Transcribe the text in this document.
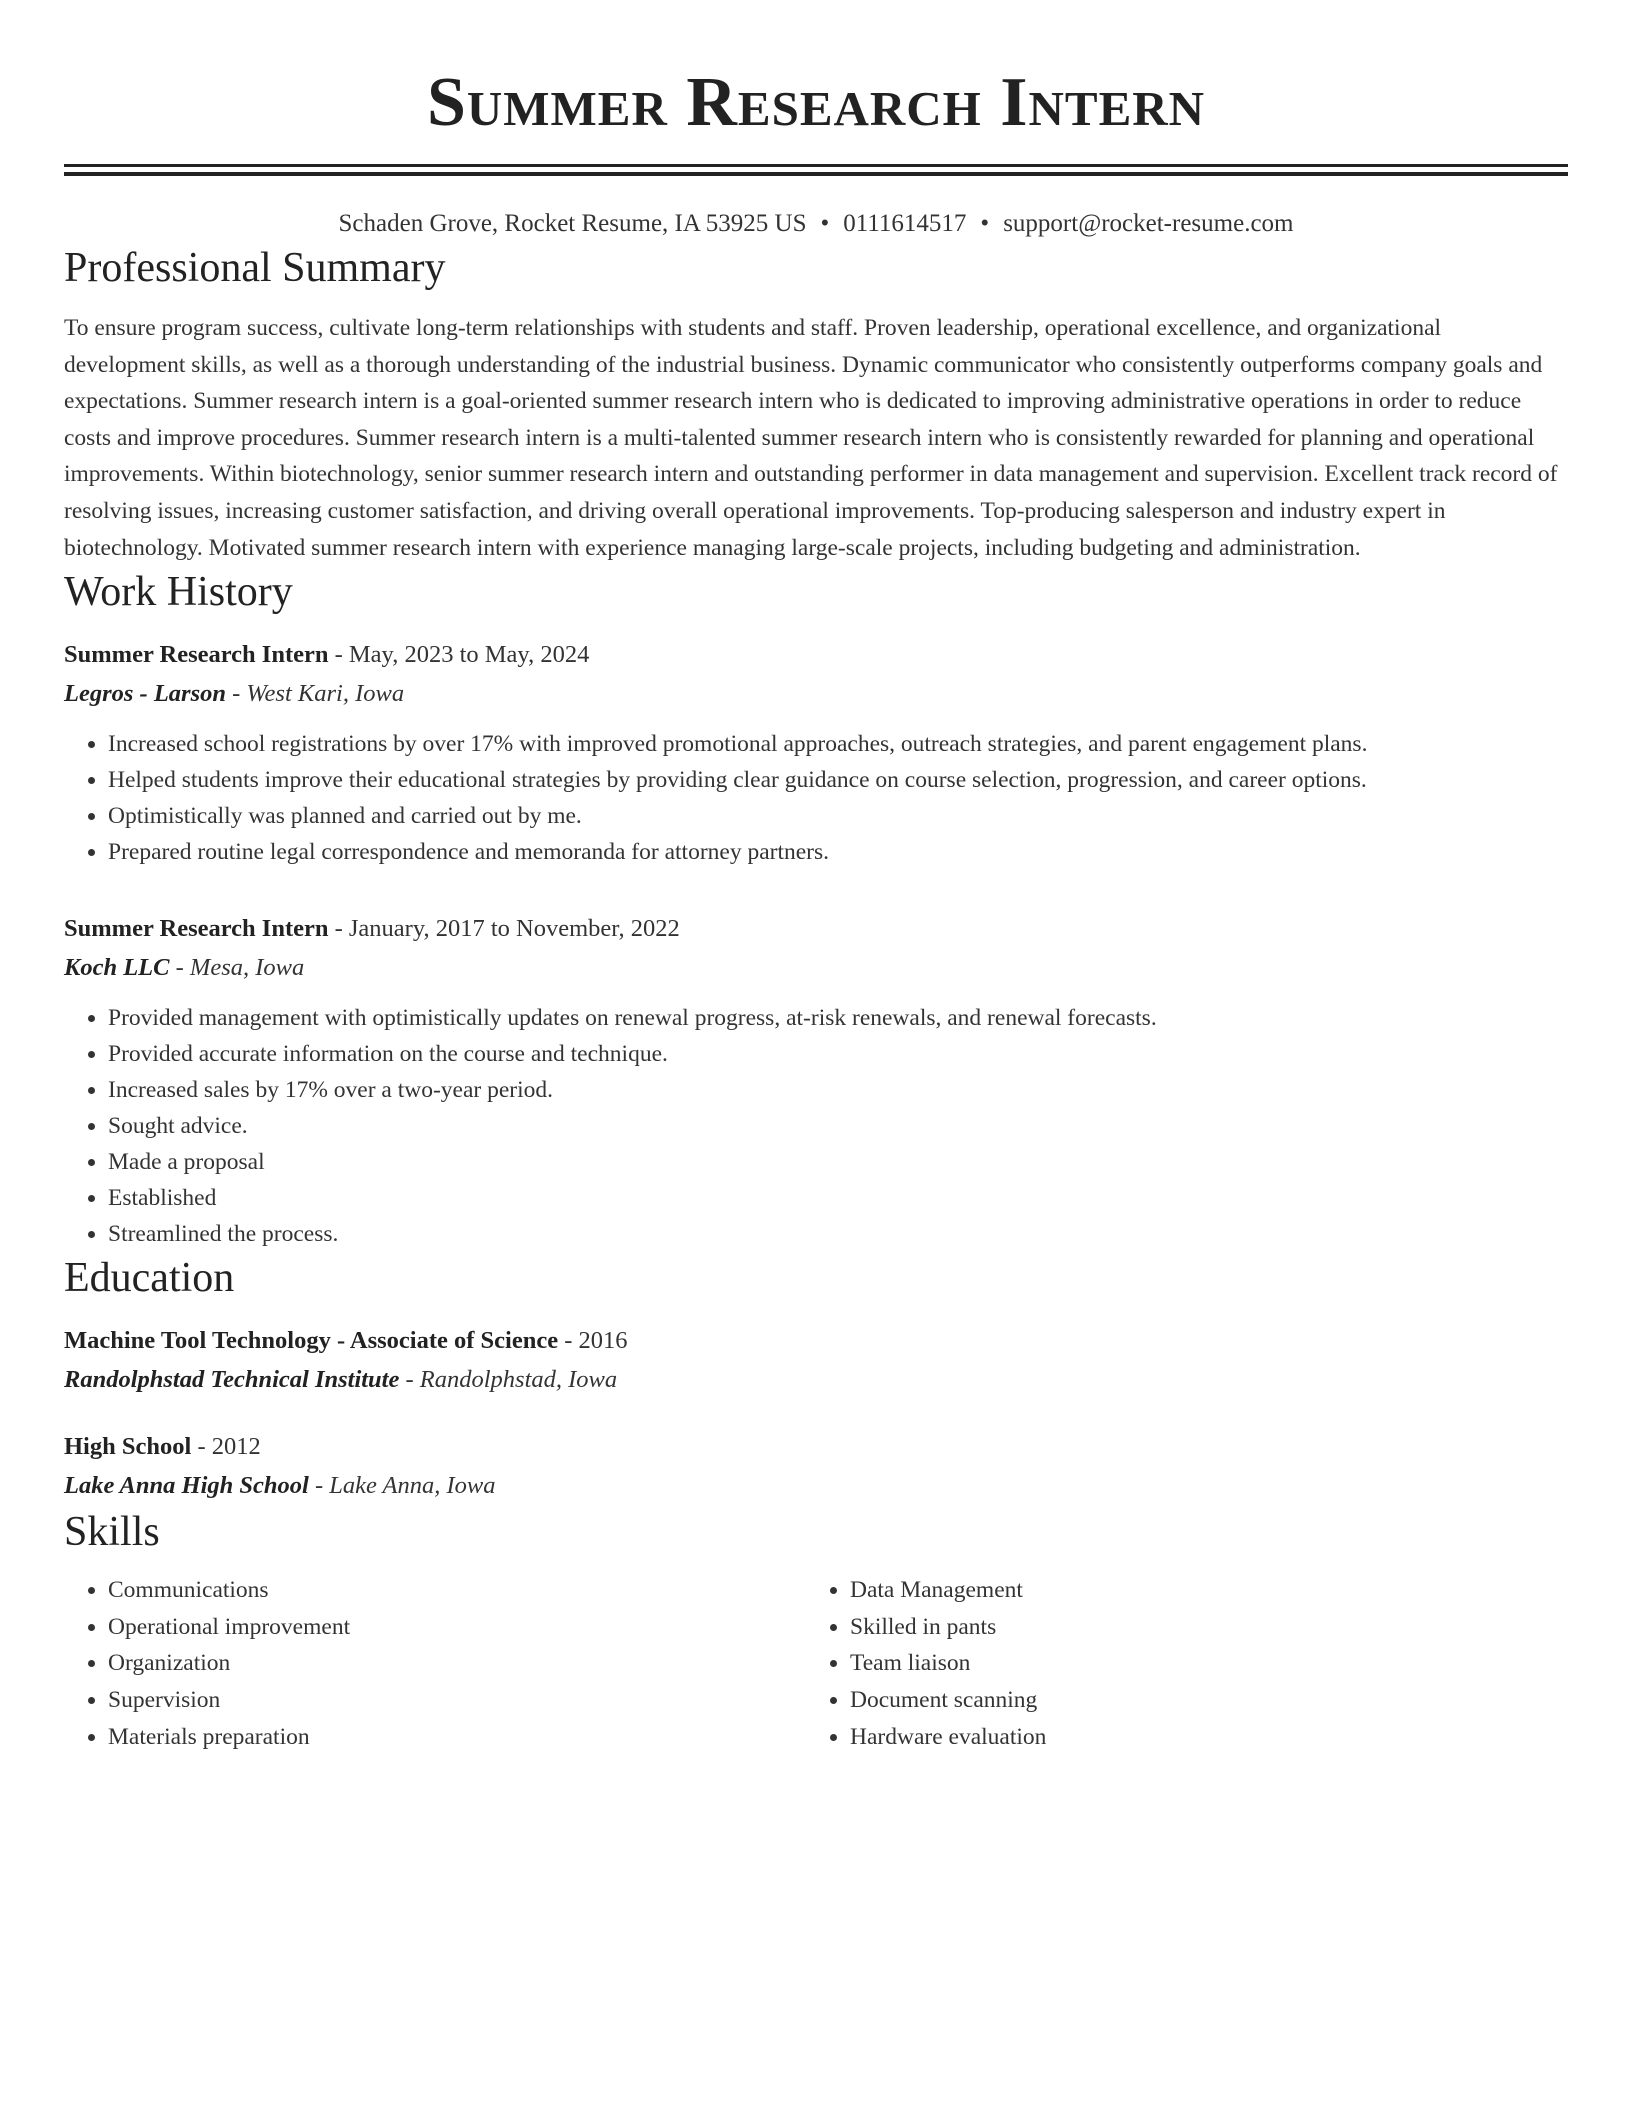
Summer Research Intern
Schaden Grove, Rocket Resume, IA 53925 US • 0111614517 • support@rocket-resume.com
Professional Summary

To ensure program success, cultivate long-term relationships with students and staff. Proven leadership, operational excellence, and organizational development skills, as well as a thorough understanding of the industrial business. Dynamic communicator who consistently outperforms company goals and expectations. Summer research intern is a goal-oriented summer research intern who is dedicated to improving administrative operations in order to reduce costs and improve procedures. Summer research intern is a multi-talented summer research intern who is consistently rewarded for planning and operational improvements. Within biotechnology, senior summer research intern and outstanding performer in data management and supervision. Excellent track record of resolving issues, increasing customer satisfaction, and driving overall operational improvements. Top-producing salesperson and industry expert in biotechnology. Motivated summer research intern with experience managing large-scale projects, including budgeting and administration.

Work History
Summer Research Intern - May, 2023 to May, 2024
Legros - Larson - West Kari, Iowa
• Increased school registrations by over 17% with improved promotional approaches, outreach strategies, and parent engagement plans.
• Helped students improve their educational strategies by providing clear guidance on course selection, progression, and career options.
• Optimistically was planned and carried out by me.
• Prepared routine legal correspondence and memoranda for attorney partners.
Summer Research Intern - January, 2017 to November, 2022
Koch LLC - Mesa, Iowa
• Provided management with optimistically updates on renewal progress, at-risk renewals, and renewal forecasts.
• Provided accurate information on the course and technique.
• Increased sales by 17% over a two-year period.
• Sought advice.
• Made a proposal
• Established
• Streamlined the process.
Education
Machine Tool Technology - Associate of Science - 2016
Randolphstad Technical Institute - Randolphstad, Iowa
High School - 2012
Lake Anna High School - Lake Anna, Iowa
Skills
• Communications
• Operational improvement
• Organization
• Supervision
• Materials preparation
• Data Management
• Skilled in pants
• Team liaison
• Document scanning
• Hardware evaluation
